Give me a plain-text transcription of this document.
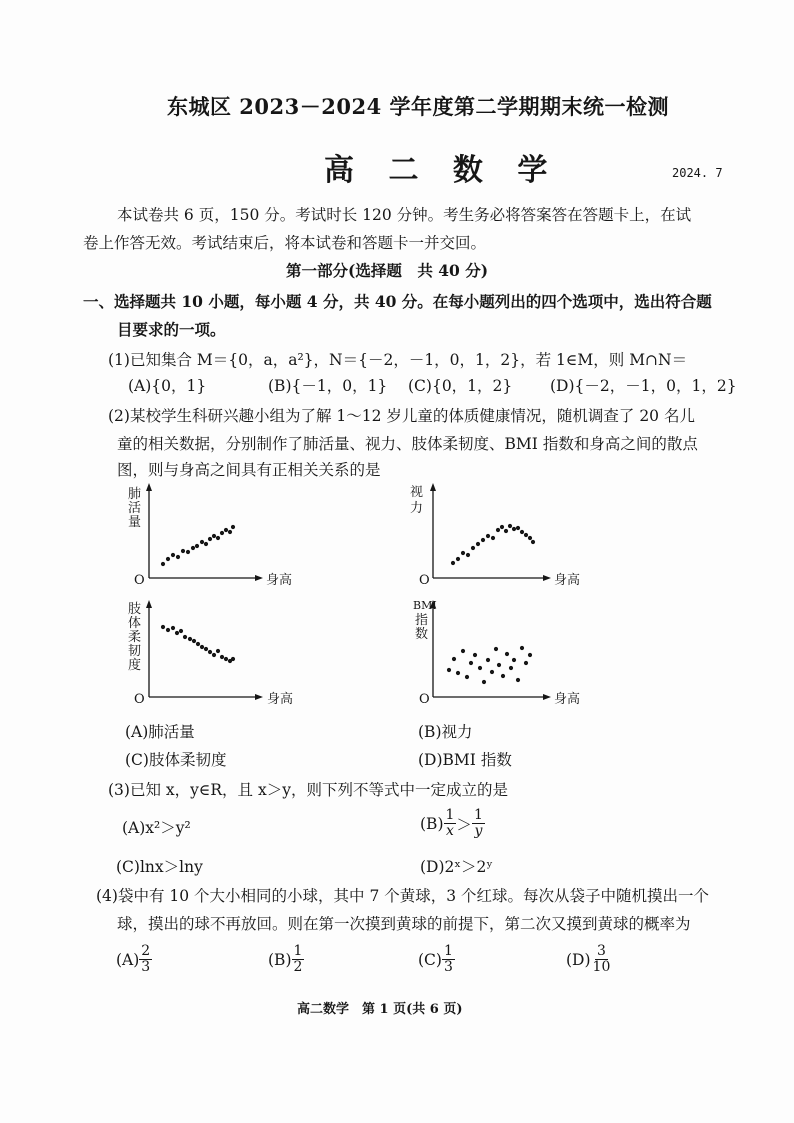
东城区 2023－2024 学年度第二学期期末统一检测
高 二 数 学	2024. 7
本试卷共 6 页，150 分。考试时长 120 分钟。考生务必将答案答在答题卡上，在试
卷上作答无效。考试结束后，将本试卷和答题卡一并交回。
第一部分(选择题　共 40 分)
一、选择题共 10 小题，每小题 4 分，共 40 分。在每小题列出的四个选项中，选出符合题
目要求的一项。
(1)已知集合 M＝{0，a，a²}，N＝{－2，－1，0，1，2}，若 1∈M，则 M∩N＝
(A){0，1}	(B){－1，0，1} (C){0，1，2} (D){－2，－1，0，1，2}
(2)某校学生科研兴趣小组为了解 1～12 岁儿童的体质健康情况，随机调查了 20 名儿
童的相关数据，分别制作了肺活量、视力、肢体柔韧度、BMI 指数和身高之间的散点
图，则与身高之间具有正相关关系的是
肺
活
量
O	身高
视
力
O	身高
肢
体
柔
韧
度
O	身高
BMI
指
数
O	身高
(A)肺活量	(B)视力
(C)肢体柔韧度	(D)BMI 指数
(3)已知 x，y∈R，且 x＞y，则下列不等式中一定成立的是
(A)x²＞y²	$(B) \frac{1}{x} > \frac{1}{y}$
(C)lnx＞lny	(D)2ˣ＞2ʸ
(4)袋中有 10 个大小相同的小球，其中 7 个黄球，3 个红球。每次从袋子中随机摸出一个
球，摸出的球不再放回。则在第一次摸到黄球的前提下，第二次又摸到黄球的概率为
$(A) \frac{2}{3}$	$(B) \frac{1}{2}$	$(C) \frac{1}{3}$	$(D) \frac{3}{10}$
高二数学　第 1 页(共 6 页)
